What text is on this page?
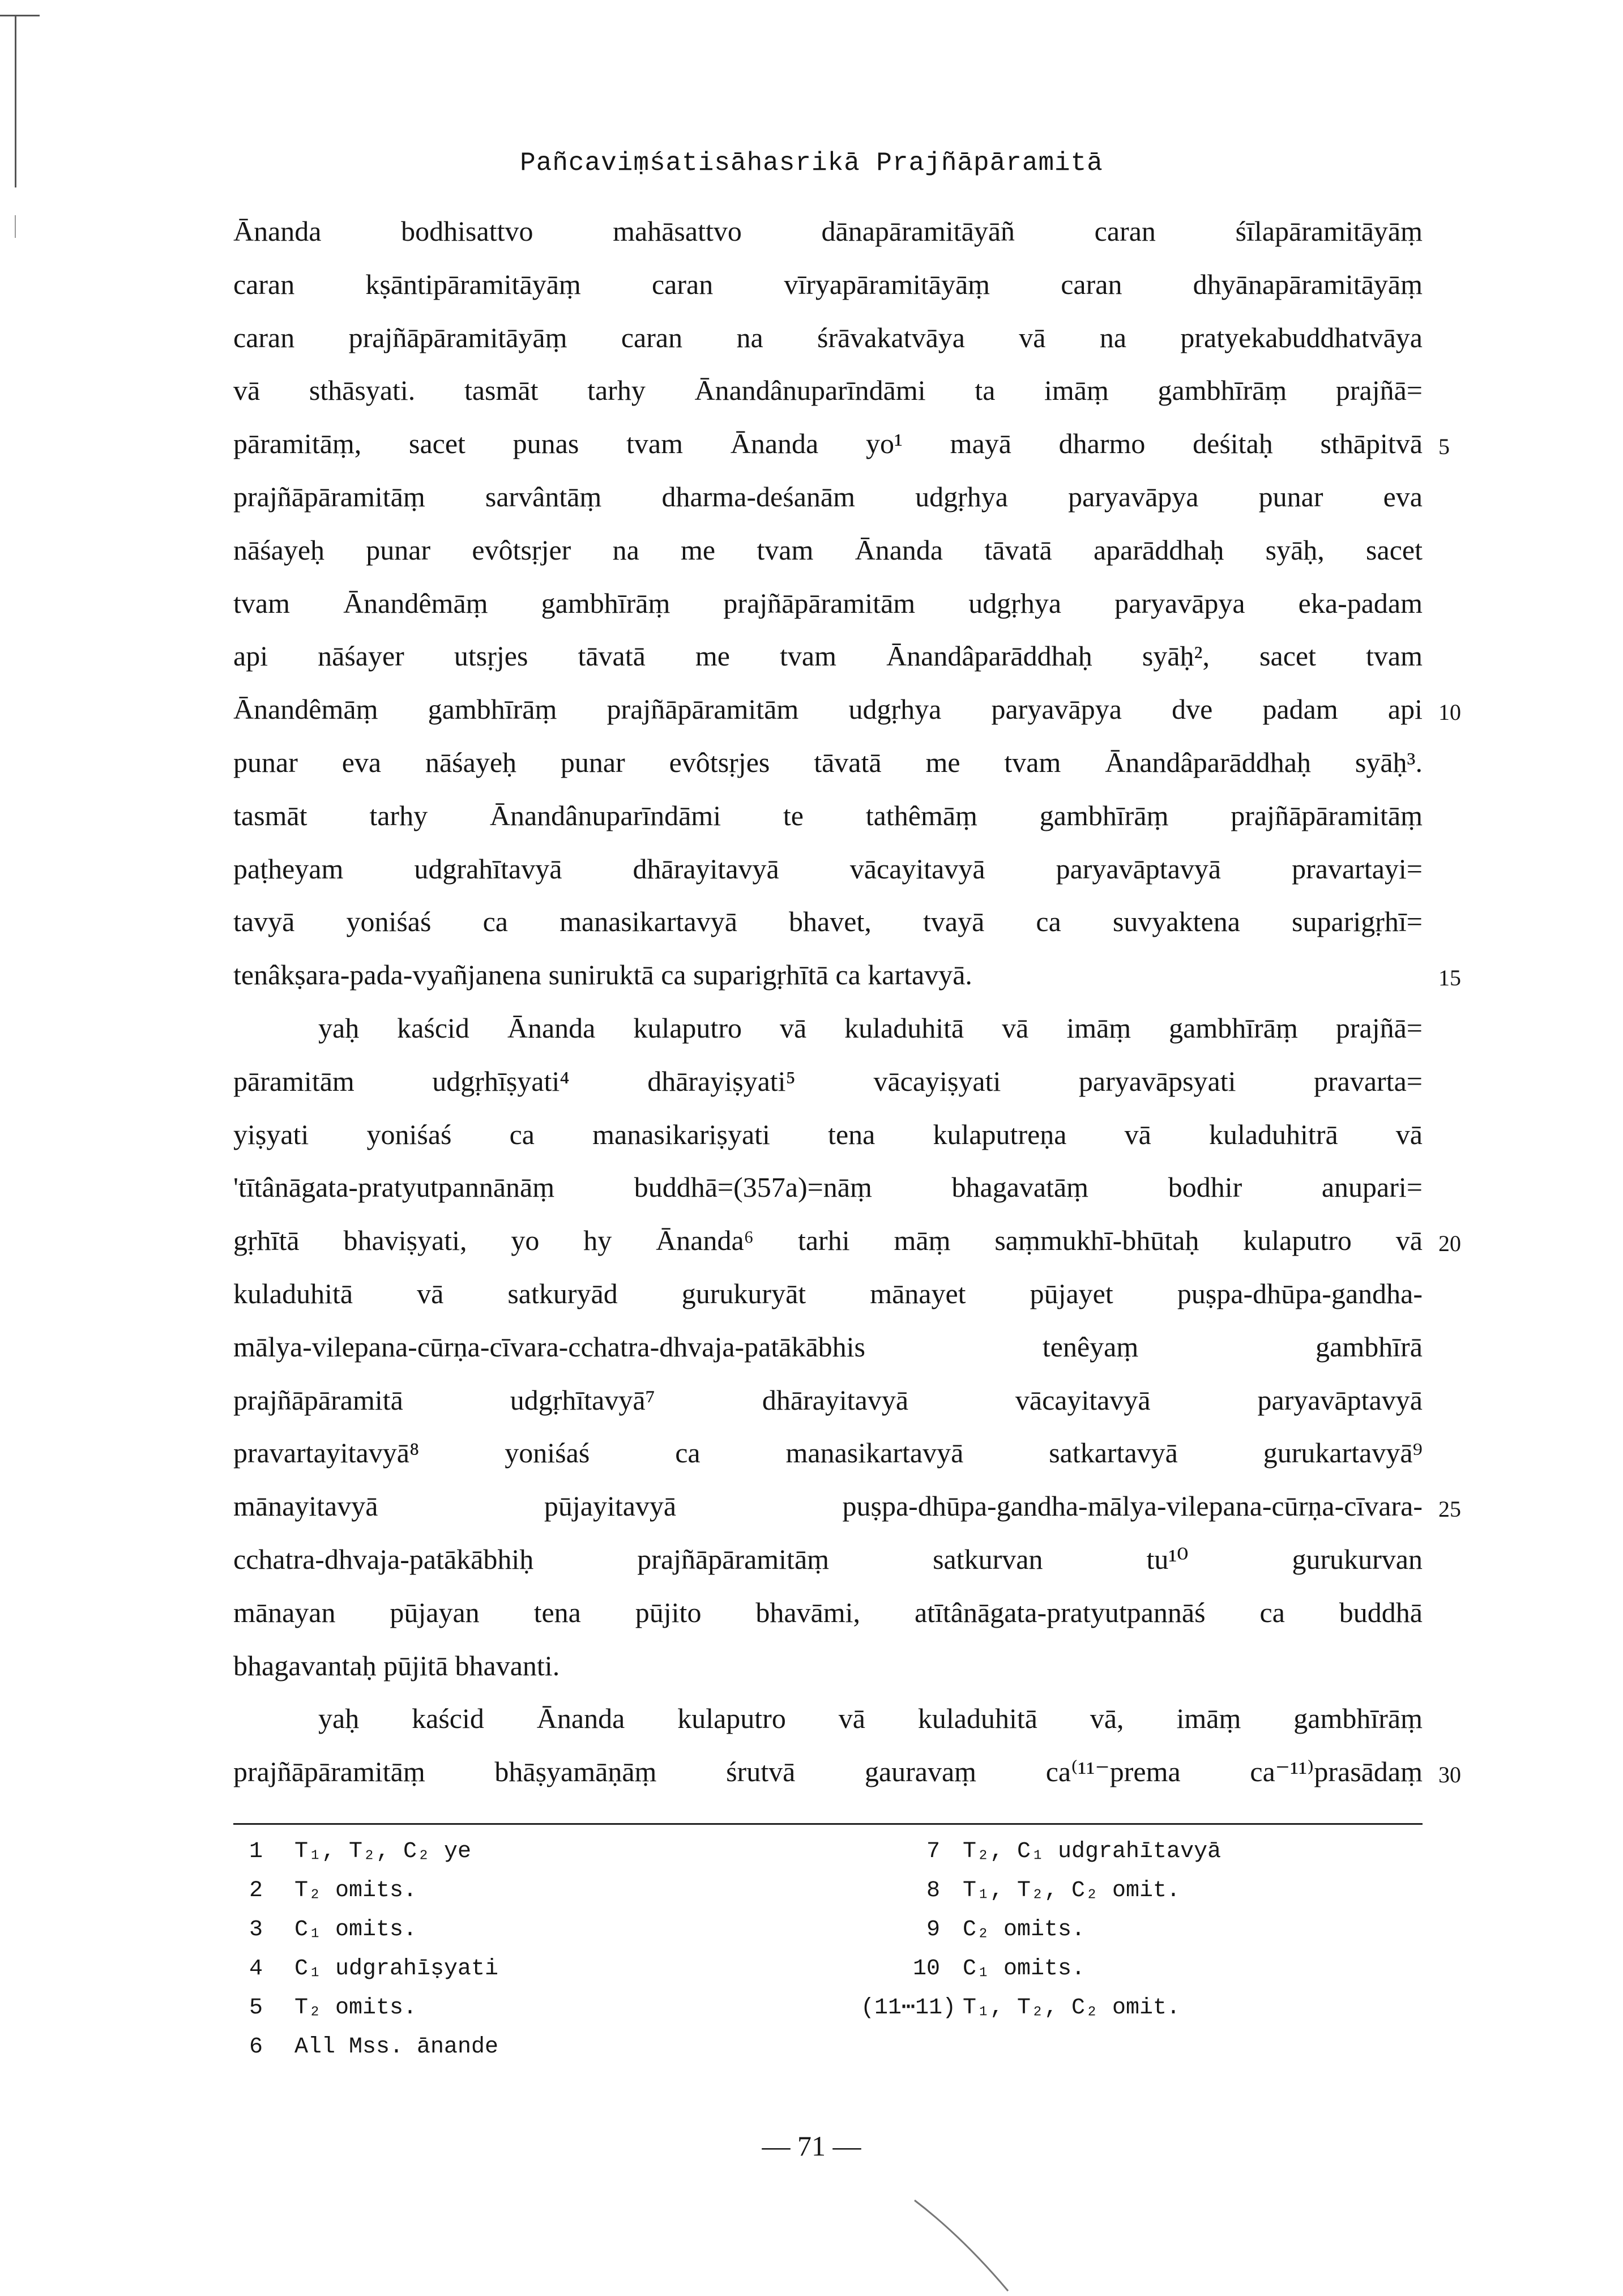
Pañcaviṃśatisāhasrikā Prajñāpāramitā
Ānanda bodhisattvo mahāsattvo dānapāramitāyāñ caran śīlapāramitāyāṃ
caran kṣāntipāramitāyāṃ caran vīryapāramitāyāṃ caran dhyānapāramitāyāṃ
caran prajñāpāramitāyāṃ caran na śrāvakatvāya vā na pratyekabuddhatvāya
vā sthāsyati. tasmāt tarhy Ānandânuparīndāmi ta imāṃ gambhīrāṃ prajñā=
pāramitāṃ, sacet punas tvam Ānanda yo¹ mayā dharmo deśitaḥ sthāpitvā
prajñāpāramitāṃ sarvântāṃ dharma-deśanām udgṛhya paryavāpya punar eva
nāśayeḥ punar evôtsṛjer na me tvam Ānanda tāvatā aparāddhaḥ syāḥ, sacet
tvam Ānandêmāṃ gambhīrāṃ prajñāpāramitām udgṛhya paryavāpya eka-padam
api nāśayer utsṛjes tāvatā me tvam Ānandâparāddhaḥ syāḥ², sacet tvam
Ānandêmāṃ gambhīrāṃ prajñāpāramitām udgṛhya paryavāpya dve padam api
punar eva nāśayeḥ punar evôtsṛjes tāvatā me tvam Ānandâparāddhaḥ syāḥ³.
tasmāt tarhy Ānandânuparīndāmi te tathêmāṃ gambhīrāṃ prajñāpāramitāṃ
paṭheyam udgrahītavyā dhārayitavyā vācayitavyā paryavāptavyā pravartayi=
tavyā yoniśaś ca manasikartavyā bhavet, tvayā ca suvyaktena suparigṛhī=
tenâkṣara-pada-vyañjanena suniruktā ca suparigṛhītā ca kartavyā.
yaḥ kaścid Ānanda kulaputro vā kuladuhitā vā imāṃ gambhīrāṃ prajñā=
pāramitām udgṛhīṣyati⁴ dhārayiṣyati⁵ vācayiṣyati paryavāpsyati pravarta=
yiṣyati yoniśaś ca manasikariṣyati tena kulaputreṇa vā kuladuhitrā vā
'tītânāgata-pratyutpannānāṃ buddhā=(357a)=nāṃ bhagavatāṃ bodhir anupari=
gṛhītā bhaviṣyati, yo hy Ānanda⁶ tarhi māṃ saṃmukhī-bhūtaḥ kulaputro vā
kuladuhitā vā satkuryād gurukuryāt mānayet pūjayet puṣpa-dhūpa-gandha-
mālya-vilepana-cūrṇa-cīvara-cchatra-dhvaja-patākābhis tenêyaṃ gambhīrā
prajñāpāramitā udgṛhītavyā⁷ dhārayitavyā vācayitavyā paryavāptavyā
pravartayitavyā⁸ yoniśaś ca manasikartavyā satkartavyā gurukartavyā⁹
mānayitavyā pūjayitavyā puṣpa-dhūpa-gandha-mālya-vilepana-cūrṇa-cīvara-
cchatra-dhvaja-patākābhiḥ prajñāpāramitāṃ satkurvan tu¹⁰ gurukurvan
mānayan pūjayan tena pūjito bhavāmi, atītânāgata-pratyutpannāś ca buddhā
bhagavantaḥ pūjitā bhavanti.
yaḥ kaścid Ānanda kulaputro vā kuladuhitā vā, imāṃ gambhīrāṃ
prajñāpāramitāṃ bhāṣyamāṇāṃ śrutvā gauravaṃ ca⁽¹¹⁻prema ca⁻¹¹⁾prasādaṃ
5
10
15
20
25
30
1 T₁, T₂, C₂ ye
2 T₂ omits.
3 C₁ omits.
4 C₁ udgrahīṣyati
5 T₂ omits.
6 All Mss. ānande
7 T₂, C₁ udgrahītavyā
8 T₁, T₂, C₂ omit.
9 C₂ omits.
10 C₁ omits.
(11⋯11) T₁, T₂, C₂ omit.
— 71 —
